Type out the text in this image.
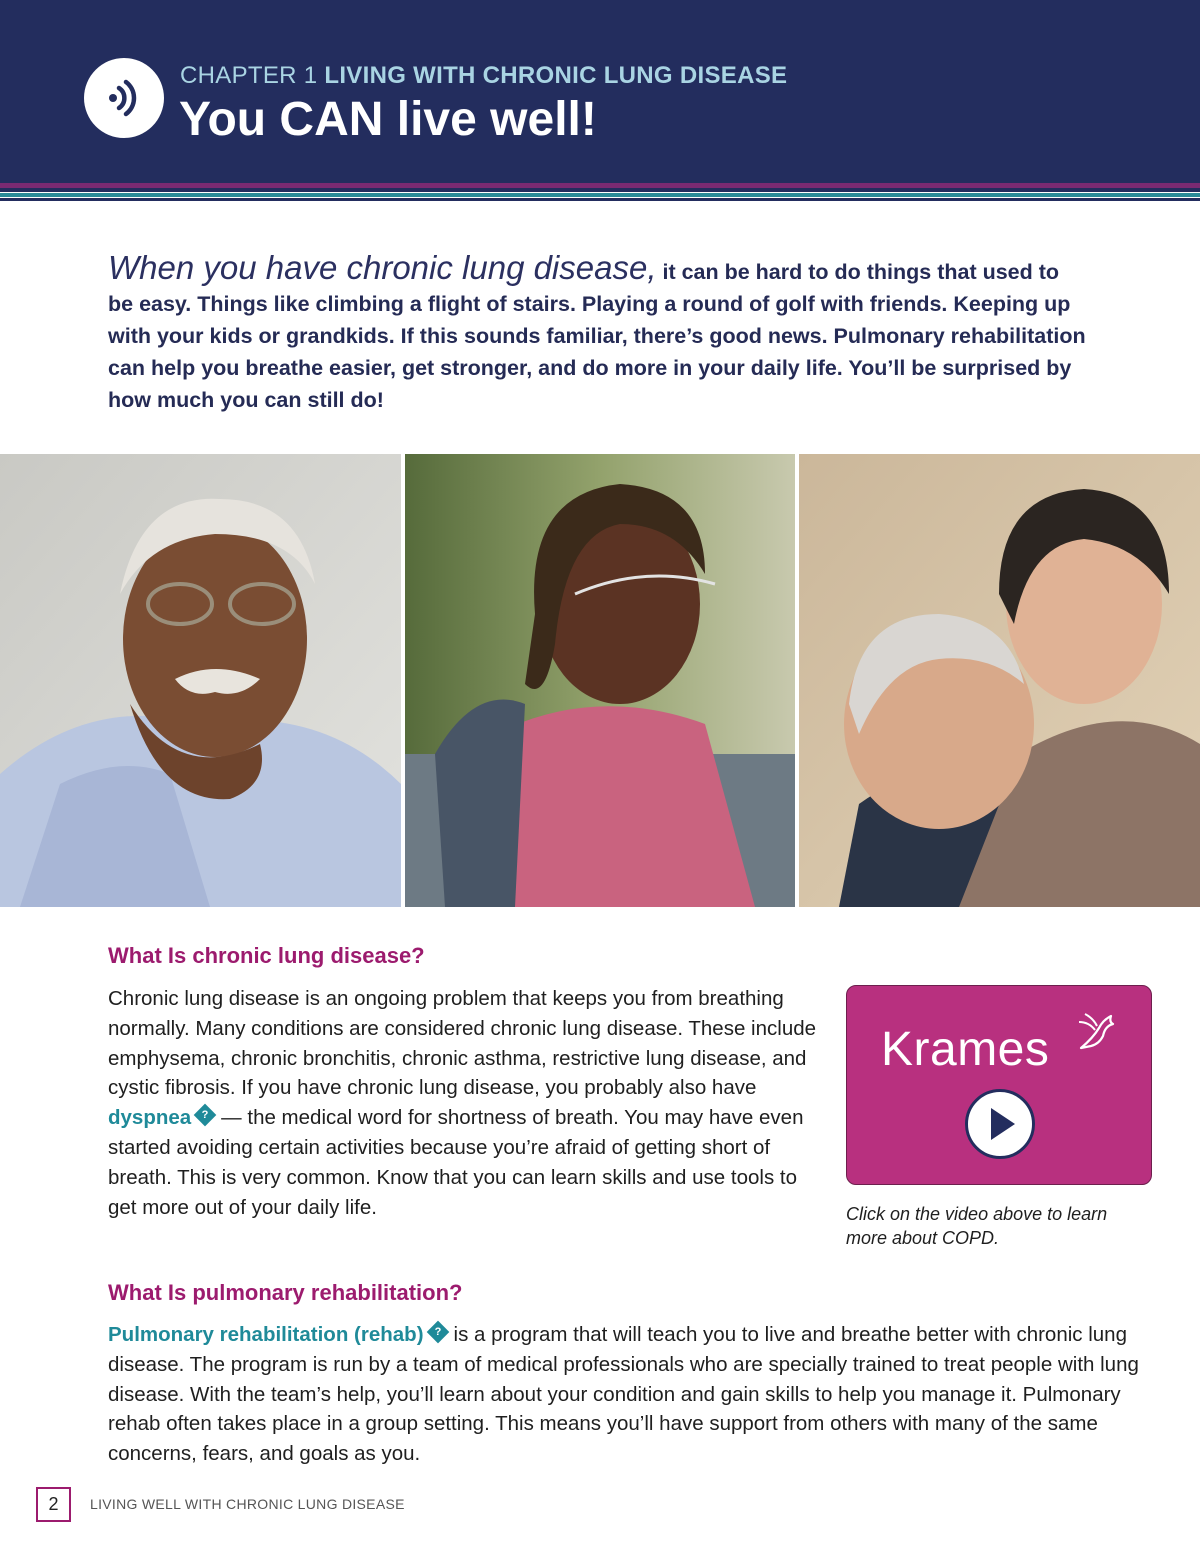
CHAPTER 1 LIVING WITH CHRONIC LUNG DISEASE
You CAN live well!

When you have chronic lung disease, it can be hard to do things that used to be easy. Things like climbing a flight of stairs. Playing a round of golf with friends. Keeping up with your kids or grandkids. If this sounds familiar, there’s good news. Pulmonary rehabilitation can help you breathe easier, get stronger, and do more in your daily life. You’ll be surprised by how much you can still do!

What Is chronic lung disease?

Chronic lung disease is an ongoing problem that keeps you from breathing normally. Many conditions are considered chronic lung disease. These include emphysema, chronic bronchitis, chronic asthma, restrictive lung disease, and cystic fibrosis. If you have chronic lung disease, you probably also have dyspnea ? — the medical word for shortness of breath. You may have even started avoiding certain activities because you’re afraid of getting short of breath. This is very common. Know that you can learn skills and use tools to get more out of your daily life.

Krames

Click on the video above to learn more about COPD.

What Is pulmonary rehabilitation?

Pulmonary rehabilitation (rehab) ? is a program that will teach you to live and breathe better with chronic lung disease. The program is run by a team of medical professionals who are specially trained to treat people with lung disease. With the team’s help, you’ll learn about your condition and gain skills to help you manage it. Pulmonary rehab often takes place in a group setting. This means you’ll have support from others with many of the same concerns, fears, and goals as you.

2	LIVING WELL WITH CHRONIC LUNG DISEASE
